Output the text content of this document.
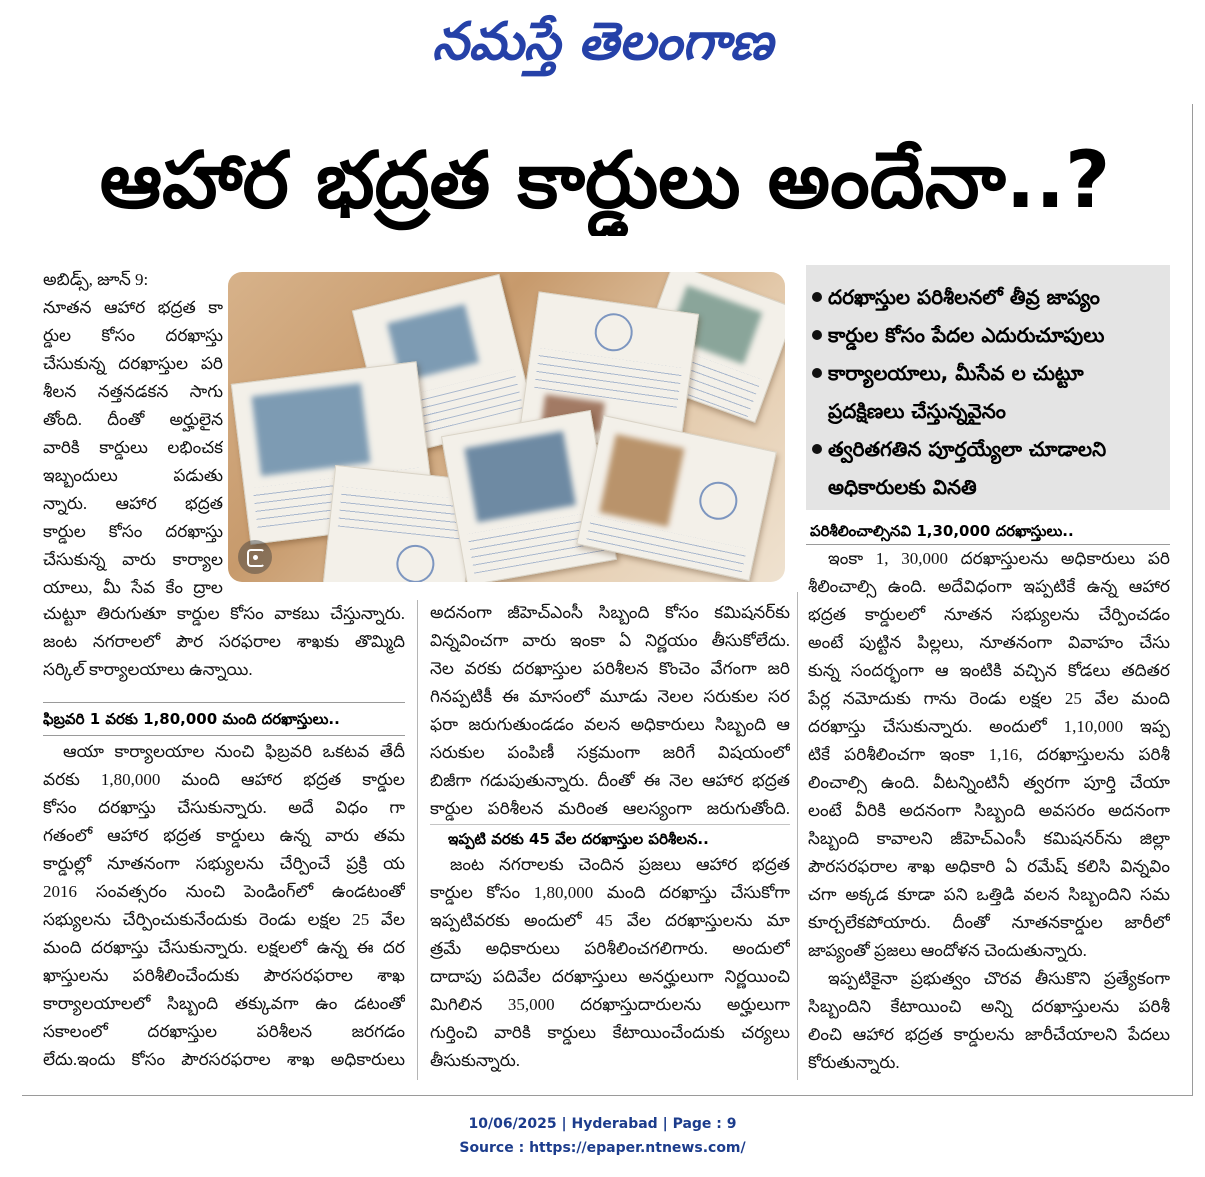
నమస్తే తెలంగాణ
ఆహార భద్రత కార్డులు అందేనా..?
అబిడ్స్, జూన్ 9:
నూతన ఆహార భద్రత కా
ర్డుల కోసం దరఖాస్తు
చేసుకున్న దరఖాస్తుల పరి
శీలన నత్తనడకన సాగు
తోంది. దీంతో అర్హులైన
వారికి కార్డులు లభించక
ఇబ్బందులు పడుతు
న్నారు. ఆహార భద్రత
కార్డుల కోసం దరఖాస్తు
చేసుకున్న వారు కార్యాల
యాలు, మీ సేవ కేం ద్రాల
చుట్టూ తిరుగుతూ కార్డుల కోసం వాకబు చేస్తున్నారు.
జంట నగరాలలో పౌర సరఫరాల శాఖకు తొమ్మిది
సర్కిల్ కార్యాలయాలు ఉన్నాయి.
ఫిబ్రవరి 1 వరకు 1,80,000 మంది దరఖాస్తులు..
ఆయా కార్యాలయాల నుంచి ఫిబ్రవరి ఒకటవ తేదీ
వరకు 1,80,000 మంది ఆహార భద్రత కార్డుల
కోసం దరఖాస్తు చేసుకున్నారు. అదే విధం గా
గతంలో ఆహార భద్రత కార్డులు ఉన్న వారు తమ
కార్డుల్లో నూతనంగా సభ్యులను చేర్పించే ప్రక్రి య
2016 సంవత్సరం నుంచి పెండింగ్‌లో ఉండటంతో
సభ్యులను చేర్పించుకునేందుకు రెండు లక్షల 25 వేల
మంది దరఖాస్తు చేసుకున్నారు. లక్షలలో ఉన్న ఈ దర
ఖాస్తులను పరిశీలించేందుకు పౌరసరఫరాల శాఖ
కార్యాలయాలలో సిబ్బంది తక్కువగా ఉం డటంతో
సకాలంలో దరఖాస్తుల పరిశీలన జరగడం
లేదు.ఇందు కోసం పౌరసరఫరాల శాఖ అధికారులు
అదనంగా జీహెచ్ఎంసీ సిబ్బంది కోసం కమిషనర్‌కు
విన్నవించగా వారు ఇంకా ఏ నిర్ణయం తీసుకోలేదు.
నెల వరకు దరఖాస్తుల పరిశీలన కొంచెం వేగంగా జరి
గినప్పటికీ ఈ మాసంలో మూడు నెలల సరుకుల సర
ఫరా జరుగుతుండడం వలన అధికారులు సిబ్బంది ఆ
సరుకుల పంపిణీ సక్రమంగా జరిగే విషయంలో
బిజీగా గడుపుతున్నారు. దీంతో ఈ నెల ఆహార భద్రత
కార్డుల పరిశీలన మరింత ఆలస్యంగా జరుగుతోంది.
ఇప్పటి వరకు 45 వేల దరఖాస్తుల పరిశీలన..
జంట నగరాలకు చెందిన ప్రజలు ఆహార భద్రత
కార్డుల కోసం 1,80,000 మంది దరఖాస్తు చేసుకోగా
ఇప్పటివరకు అందులో 45 వేల దరఖాస్తులను మా
త్రమే అధికారులు పరిశీలించగలిగారు. అందులో
దాదాపు పదివేల దరఖాస్తులు అనర్హులుగా నిర్ణయించి
మిగిలిన 35,000 దరఖాస్తుదారులను అర్హులుగా
గుర్తించి వారికి కార్డులు కేటాయించేందుకు చర్యలు
తీసుకున్నారు.
దరఖాస్తుల పరిశీలనలో తీవ్ర జాప్యం
కార్డుల కోసం పేదల ఎదురుచూపులు
కార్యాలయాలు, మీసేవ ల చుట్టూ
ప్రదక్షిణలు చేస్తున్నవైనం
త్వరితగతిన పూర్తయ్యేలా చూడాలని
అధికారులకు వినతి
పరిశీలించాల్సినవి 1,30,000 దరఖాస్తులు..
ఇంకా 1, 30,000 దరఖాస్తులను అధికారులు పరి
శీలించాల్సి ఉంది. అదేవిధంగా ఇప్పటికే ఉన్న ఆహార
భద్రత కార్డులలో నూతన సభ్యులను చేర్పించడం
అంటే పుట్టిన పిల్లలు, నూతనంగా వివాహం చేసు
కున్న సందర్భంగా ఆ ఇంటికి వచ్చిన కోడలు తదితర
పేర్ల నమోదుకు గాను రెండు లక్షల 25 వేల మంది
దరఖాస్తు చేసుకున్నారు. అందులో 1,10,000 ఇప్ప
టికే పరిశీలించగా ఇంకా 1,16, దరఖాస్తులను పరిశీ
లించాల్సి ఉంది. వీటన్నింటినీ త్వరగా పూర్తి చేయా
లంటే వీరికి అదనంగా సిబ్బంది అవసరం అదనంగా
సిబ్బంది కావాలని జీహెచ్ఎంసీ కమిషనర్‌ను జిల్లా
పౌరసరఫరాల శాఖ అధికారి ఏ రమేష్ కలిసి విన్నవిం
చగా అక్కడ కూడా పని ఒత్తిడి వలన సిబ్బందిని సమ
కూర్చలేకపోయారు. దీంతో నూతనకార్డుల జారీలో
జాప్యంతో ప్రజలు ఆందోళన చెందుతున్నారు.
ఇప్పటికైనా ప్రభుత్వం చొరవ తీసుకొని ప్రత్యేకంగా
సిబ్బందిని కేటాయించి అన్ని దరఖాస్తులను పరిశీ
లించి ఆహార భద్రత కార్డులను జారీచేయాలని పేదలు
కోరుతున్నారు.
10/06/2025 | Hyderabad | Page : 9
Source : https://epaper.ntnews.com/
